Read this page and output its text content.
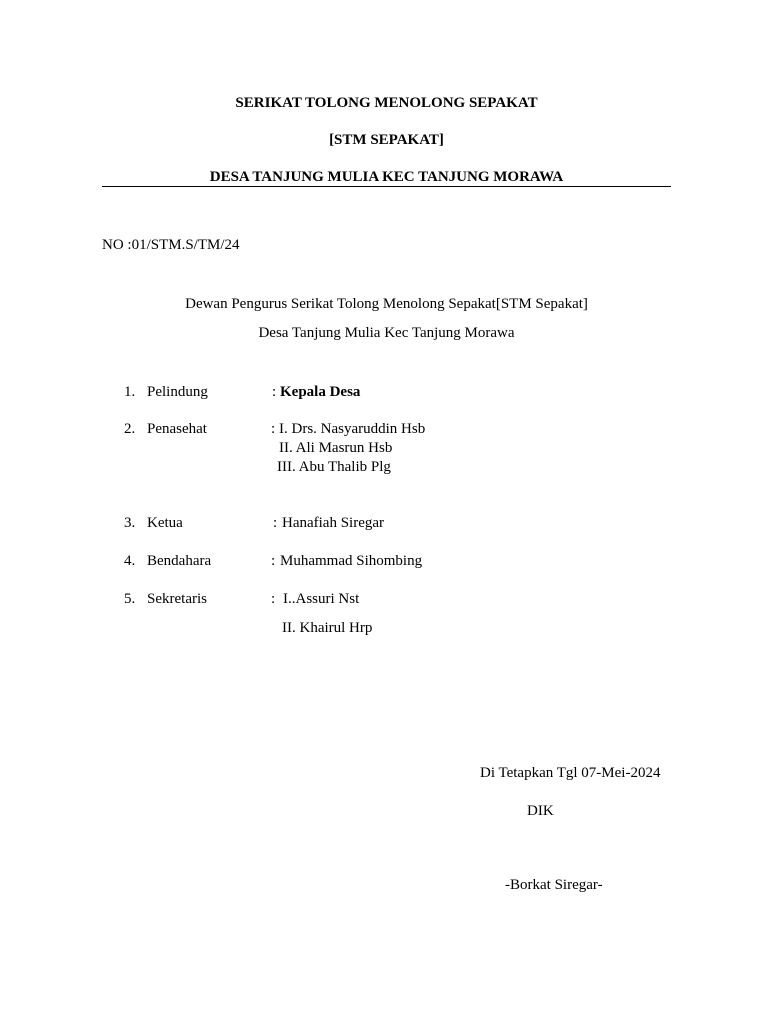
SERIKAT TOLONG MENOLONG SEPAKAT
[STM SEPAKAT]
DESA TANJUNG MULIA KEC TANJUNG MORAWA
NO :01/STM.S/TM/24
Dewan Pengurus Serikat Tolong Menolong Sepakat[STM Sepakat]
Desa Tanjung Mulia Kec Tanjung Morawa
1. Pelindung	: Kepala Desa
2. Penasehat	: I. Drs. Nasyaruddin Hsb
II. Ali Masrun Hsb
III. Abu Thalib Plg
3. Ketua	: Hanafiah Siregar
4. Bendahara	: Muhammad Sihombing
5. Sekretaris	: I..Assuri Nst
II. Khairul Hrp
Di Tetapkan Tgl 07-Mei-2024
DIK
-Borkat Siregar-
